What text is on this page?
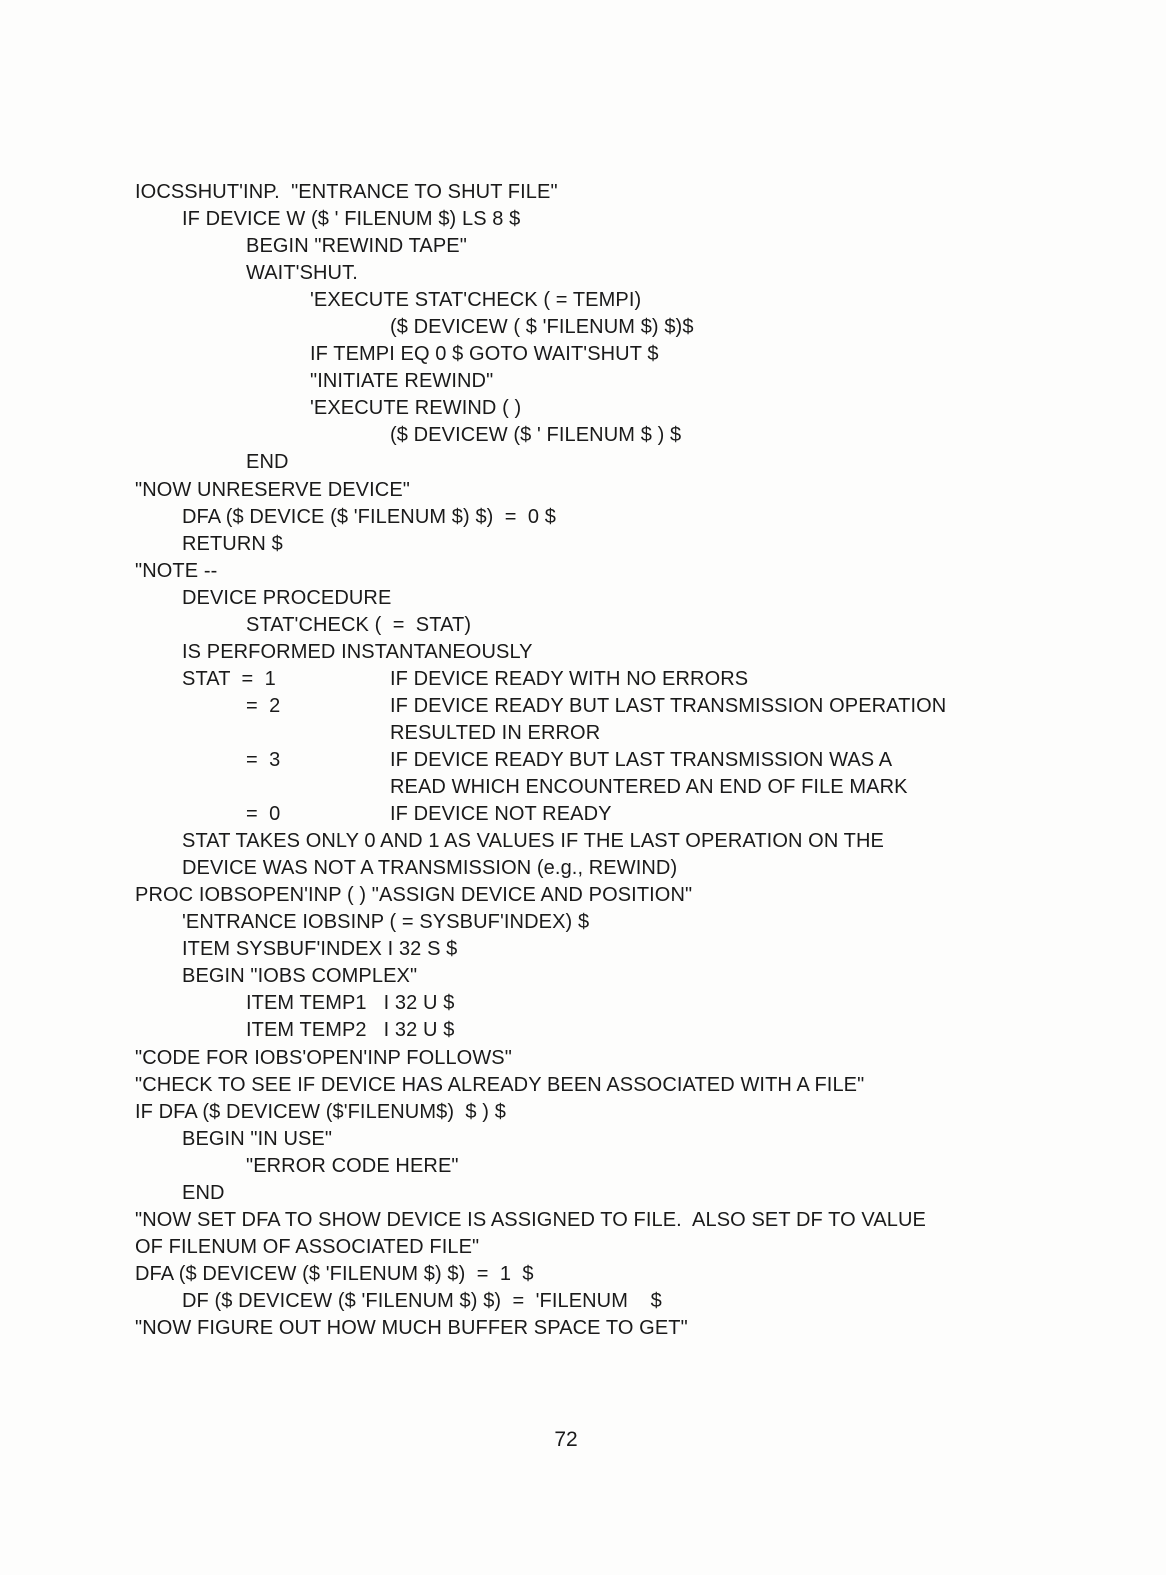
IOCSSHUT'INP.  "ENTRANCE TO SHUT FILE"
IF DEVICE W ($ ' FILENUM $) LS 8 $
BEGIN "REWIND TAPE"
WAIT'SHUT.
'EXECUTE STAT'CHECK ( = TEMPI)
($ DEVICEW ( $ 'FILENUM $) $)$
IF TEMPI EQ 0 $ GOTO WAIT'SHUT $
"INITIATE REWIND"
'EXECUTE REWIND ( )
($ DEVICEW ($ ' FILENUM $ ) $
END
"NOW UNRESERVE DEVICE"
DFA ($ DEVICE ($ 'FILENUM $) $)  =  0 $
RETURN $
"NOTE --
DEVICE PROCEDURE
STAT'CHECK (  =  STAT)
IS PERFORMED INSTANTANEOUSLY
STAT  =  1	IF DEVICE READY WITH NO ERRORS
=  2	IF DEVICE READY BUT LAST TRANSMISSION OPERATION
RESULTED IN ERROR
=  3	IF DEVICE READY BUT LAST TRANSMISSION WAS A
READ WHICH ENCOUNTERED AN END OF FILE MARK
=  0	IF DEVICE NOT READY
STAT TAKES ONLY 0 AND 1 AS VALUES IF THE LAST OPERATION ON THE
DEVICE WAS NOT A TRANSMISSION (e.g., REWIND)
PROC IOBSOPEN'INP ( ) "ASSIGN DEVICE AND POSITION"
'ENTRANCE IOBSINP ( = SYSBUF'INDEX) $
ITEM SYSBUF'INDEX I 32 S $
BEGIN "IOBS COMPLEX"
ITEM TEMP1   I 32 U $
ITEM TEMP2   I 32 U $
"CODE FOR IOBS'OPEN'INP FOLLOWS"
"CHECK TO SEE IF DEVICE HAS ALREADY BEEN ASSOCIATED WITH A FILE"
IF DFA ($ DEVICEW ($'FILENUM$)  $ ) $
BEGIN "IN USE"
"ERROR CODE HERE"
END
"NOW SET DFA TO SHOW DEVICE IS ASSIGNED TO FILE.  ALSO SET DF TO VALUE
OF FILENUM OF ASSOCIATED FILE"
DFA ($ DEVICEW ($ 'FILENUM $) $)  =  1  $
DF ($ DEVICEW ($ 'FILENUM $) $)  =  'FILENUM    $
"NOW FIGURE OUT HOW MUCH BUFFER SPACE TO GET"
72
